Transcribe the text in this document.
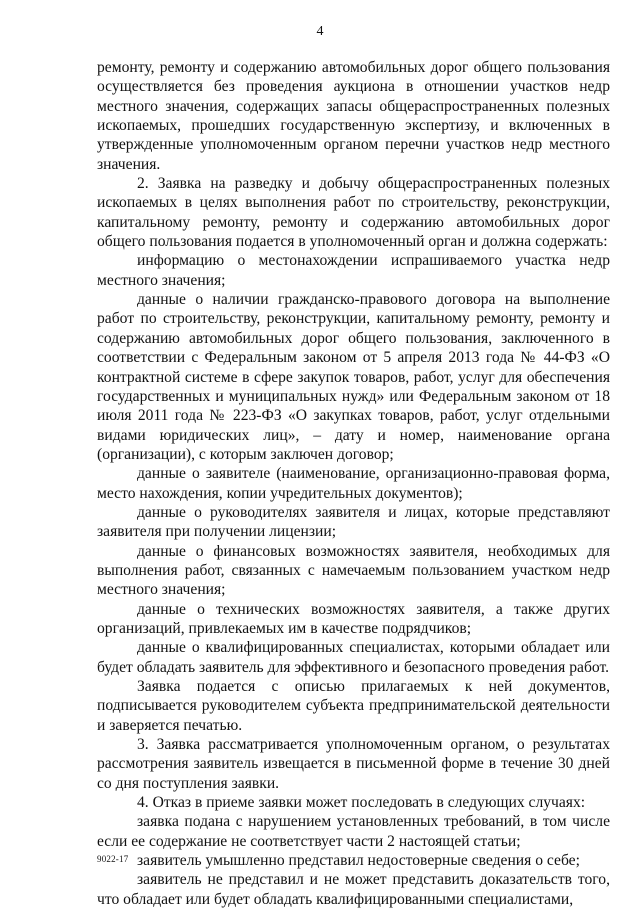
4

ремонту, ремонту и содержанию автомобильных дорог общего пользования осуществляется без проведения аукциона в отношении участков недр местного значения, содержащих запасы общераспространенных полезных ископаемых, прошедших государственную экспертизу, и включенных в утвержденные уполномоченным органом перечни участков недр местного значения.

2. Заявка на разведку и добычу общераспространенных полезных ископаемых в целях выполнения работ по строительству, реконструкции, капитальному ремонту, ремонту и содержанию автомобильных дорог общего пользования подается в уполномоченный орган и должна содержать:

информацию о местонахождении испрашиваемого участка недр местного значения;

данные о наличии гражданско-правового договора на выполнение работ по строительству, реконструкции, капитальному ремонту, ремонту и содержанию автомобильных дорог общего пользования, заключенного в соответствии с Федеральным законом от 5 апреля 2013 года № 44-ФЗ «О контрактной системе в сфере закупок товаров, работ, услуг для обеспечения государственных и муниципальных нужд» или Федеральным законом от 18 июля 2011 года № 223-ФЗ «О закупках товаров, работ, услуг отдельными видами юридических лиц», – дату и номер, наименование органа (организации), с которым заключен договор;

данные о заявителе (наименование, организационно-правовая форма, место нахождения, копии учредительных документов);

данные о руководителях заявителя и лицах, которые представляют заявителя при получении лицензии;

данные о финансовых возможностях заявителя, необходимых для выполнения работ, связанных с намечаемым пользованием участком недр местного значения;

данные о технических возможностях заявителя, а также других организаций, привлекаемых им в качестве подрядчиков;

данные о квалифицированных специалистах, которыми обладает или будет обладать заявитель для эффективного и безопасного проведения работ.

Заявка подается с описью прилагаемых к ней документов, подписывается руководителем субъекта предпринимательской деятельности и заверяется печатью.

3. Заявка рассматривается уполномоченным органом, о результатах рассмотрения заявитель извещается в письменной форме в течение 30 дней со дня поступления заявки.

4. Отказ в приеме заявки может последовать в следующих случаях:

заявка подана с нарушением установленных требований, в том числе если ее содержание не соответствует части 2 настоящей статьи;

заявитель умышленно представил недостоверные сведения о себе;

заявитель не представил и не может представить доказательств того, что обладает или будет обладать квалифицированными специалистами,

9022-17
